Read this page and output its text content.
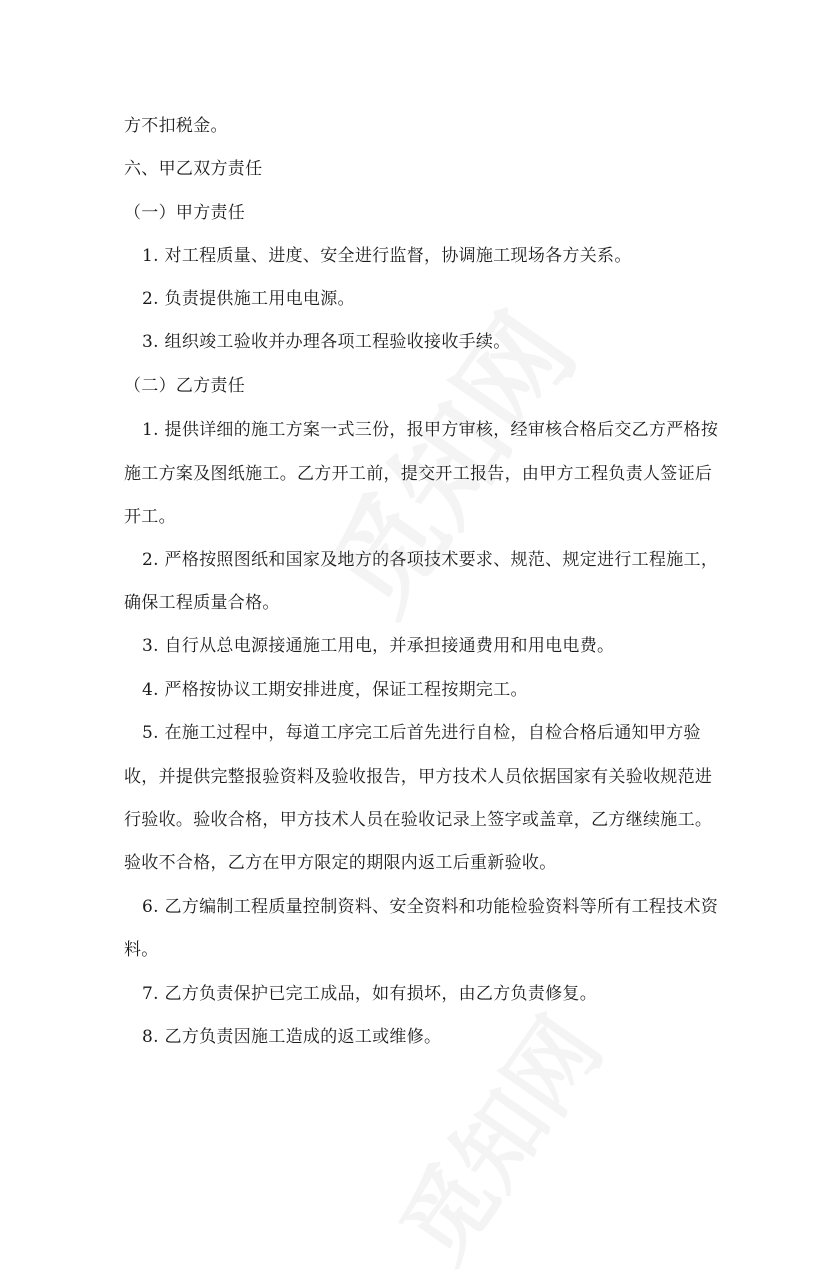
方不扣税金。
六、甲乙双方责任
（一）甲方责任
1. 对工程质量、进度、安全进行监督，协调施工现场各方关系。
2. 负责提供施工用电电源。
3. 组织竣工验收并办理各项工程验收接收手续。
（二）乙方责任
1. 提供详细的施工方案一式三份，报甲方审核，经审核合格后交乙方严格按
施工方案及图纸施工。乙方开工前，提交开工报告，由甲方工程负责人签证后
开工。
2. 严格按照图纸和国家及地方的各项技术要求、规范、规定进行工程施工，
确保工程质量合格。
3. 自行从总电源接通施工用电，并承担接通费用和用电电费。
4. 严格按协议工期安排进度，保证工程按期完工。
5. 在施工过程中，每道工序完工后首先进行自检，自检合格后通知甲方验
收，并提供完整报验资料及验收报告，甲方技术人员依据国家有关验收规范进
行验收。验收合格，甲方技术人员在验收记录上签字或盖章，乙方继续施工。
验收不合格，乙方在甲方限定的期限内返工后重新验收。
6. 乙方编制工程质量控制资料、安全资料和功能检验资料等所有工程技术资
料。
7. 乙方负责保护已完工成品，如有损坏，由乙方负责修复。
8. 乙方负责因施工造成的返工或维修。
